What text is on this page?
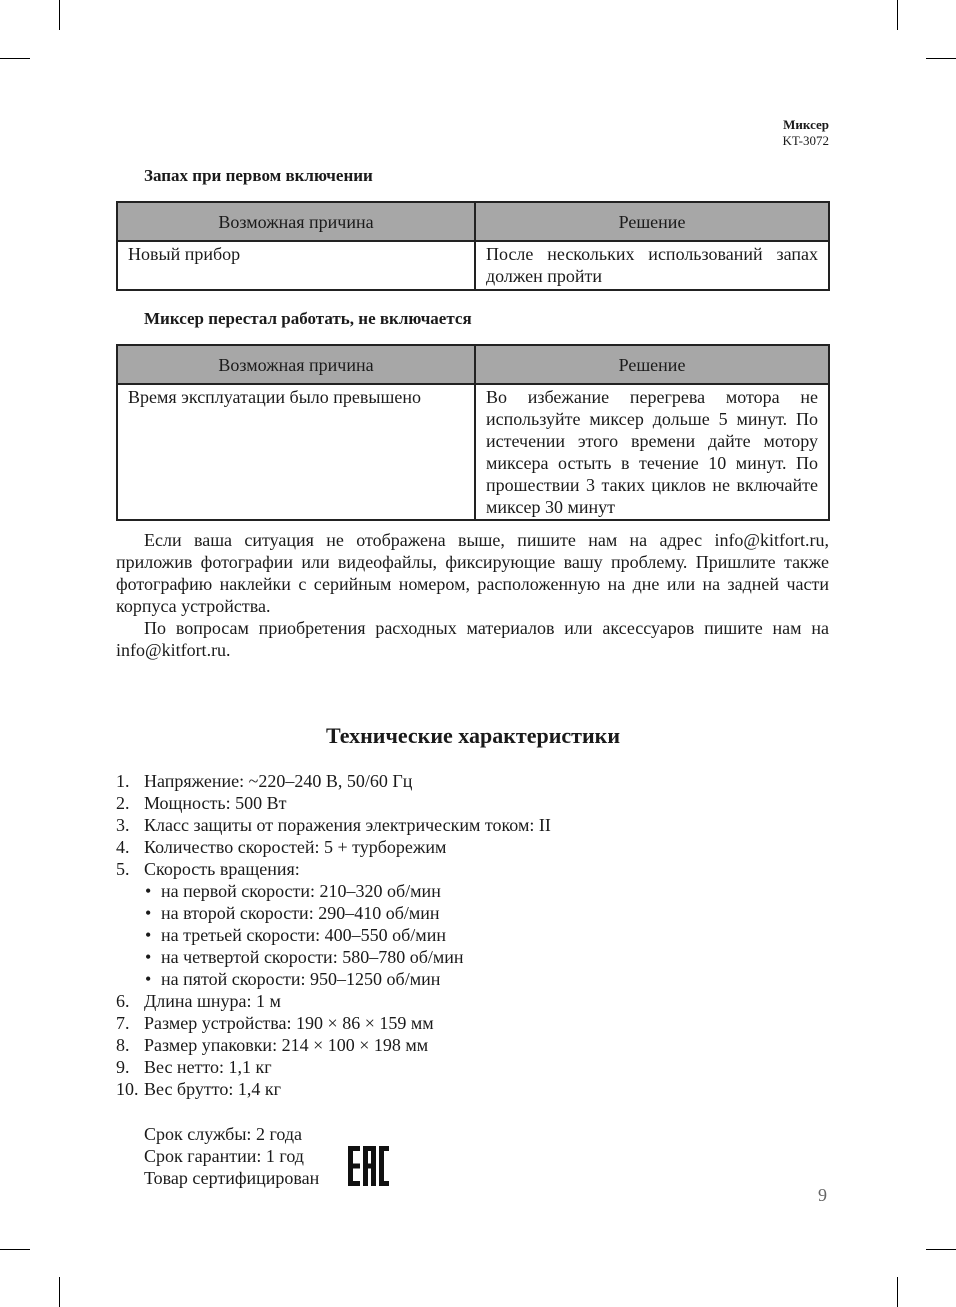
Миксер
KT-3072
Запах при первом включении
Возможная причина	Решение
Новый прибор	После нескольких использований запах должен пройти
Миксер перестал работать, не включается
Возможная причина	Решение
Время эксплуатации было превышено	Во избежание перегрева мотора не используйте миксер дольше 5 минут. По истечении этого времени дайте мотору миксера остыть в течение 10 минут. По прошествии 3 таких циклов не включайте миксер 30 минут

Если ваша ситуация не отображена выше, пишите нам на адрес info@kitfort.ru, приложив фотографии или видеофайлы, фиксирующие вашу проблему. Пришлите также фотографию наклейки с серийным номером, расположенную на дне или на задней части корпуса устройства.

По вопросам приобретения расходных материалов или аксессуаров пишите нам на info@kitfort.ru.

Технические характеристики
1. Напряжение: ~220–240 В, 50/60 Гц
2. Мощность: 500 Вт
3. Класс защиты от поражения электрическим током: II
4. Количество скоростей: 5 + турборежим
5. Скорость вращения:
• на первой скорости: 210–320 об/мин
• на второй скорости: 290–410 об/мин
• на третьей скорости: 400–550 об/мин
• на четвертой скорости: 580–780 об/мин
• на пятой скорости: 950–1250 об/мин
6. Длина шнура: 1 м
7. Размер устройства: 190 × 86 × 159 мм
8. Размер упаковки: 214 × 100 × 198 мм
9. Вес нетто: 1,1 кг
10. Вес брутто: 1,4 кг
Срок службы: 2 года
Срок гарантии: 1 год
Товар сертифицирован
9
